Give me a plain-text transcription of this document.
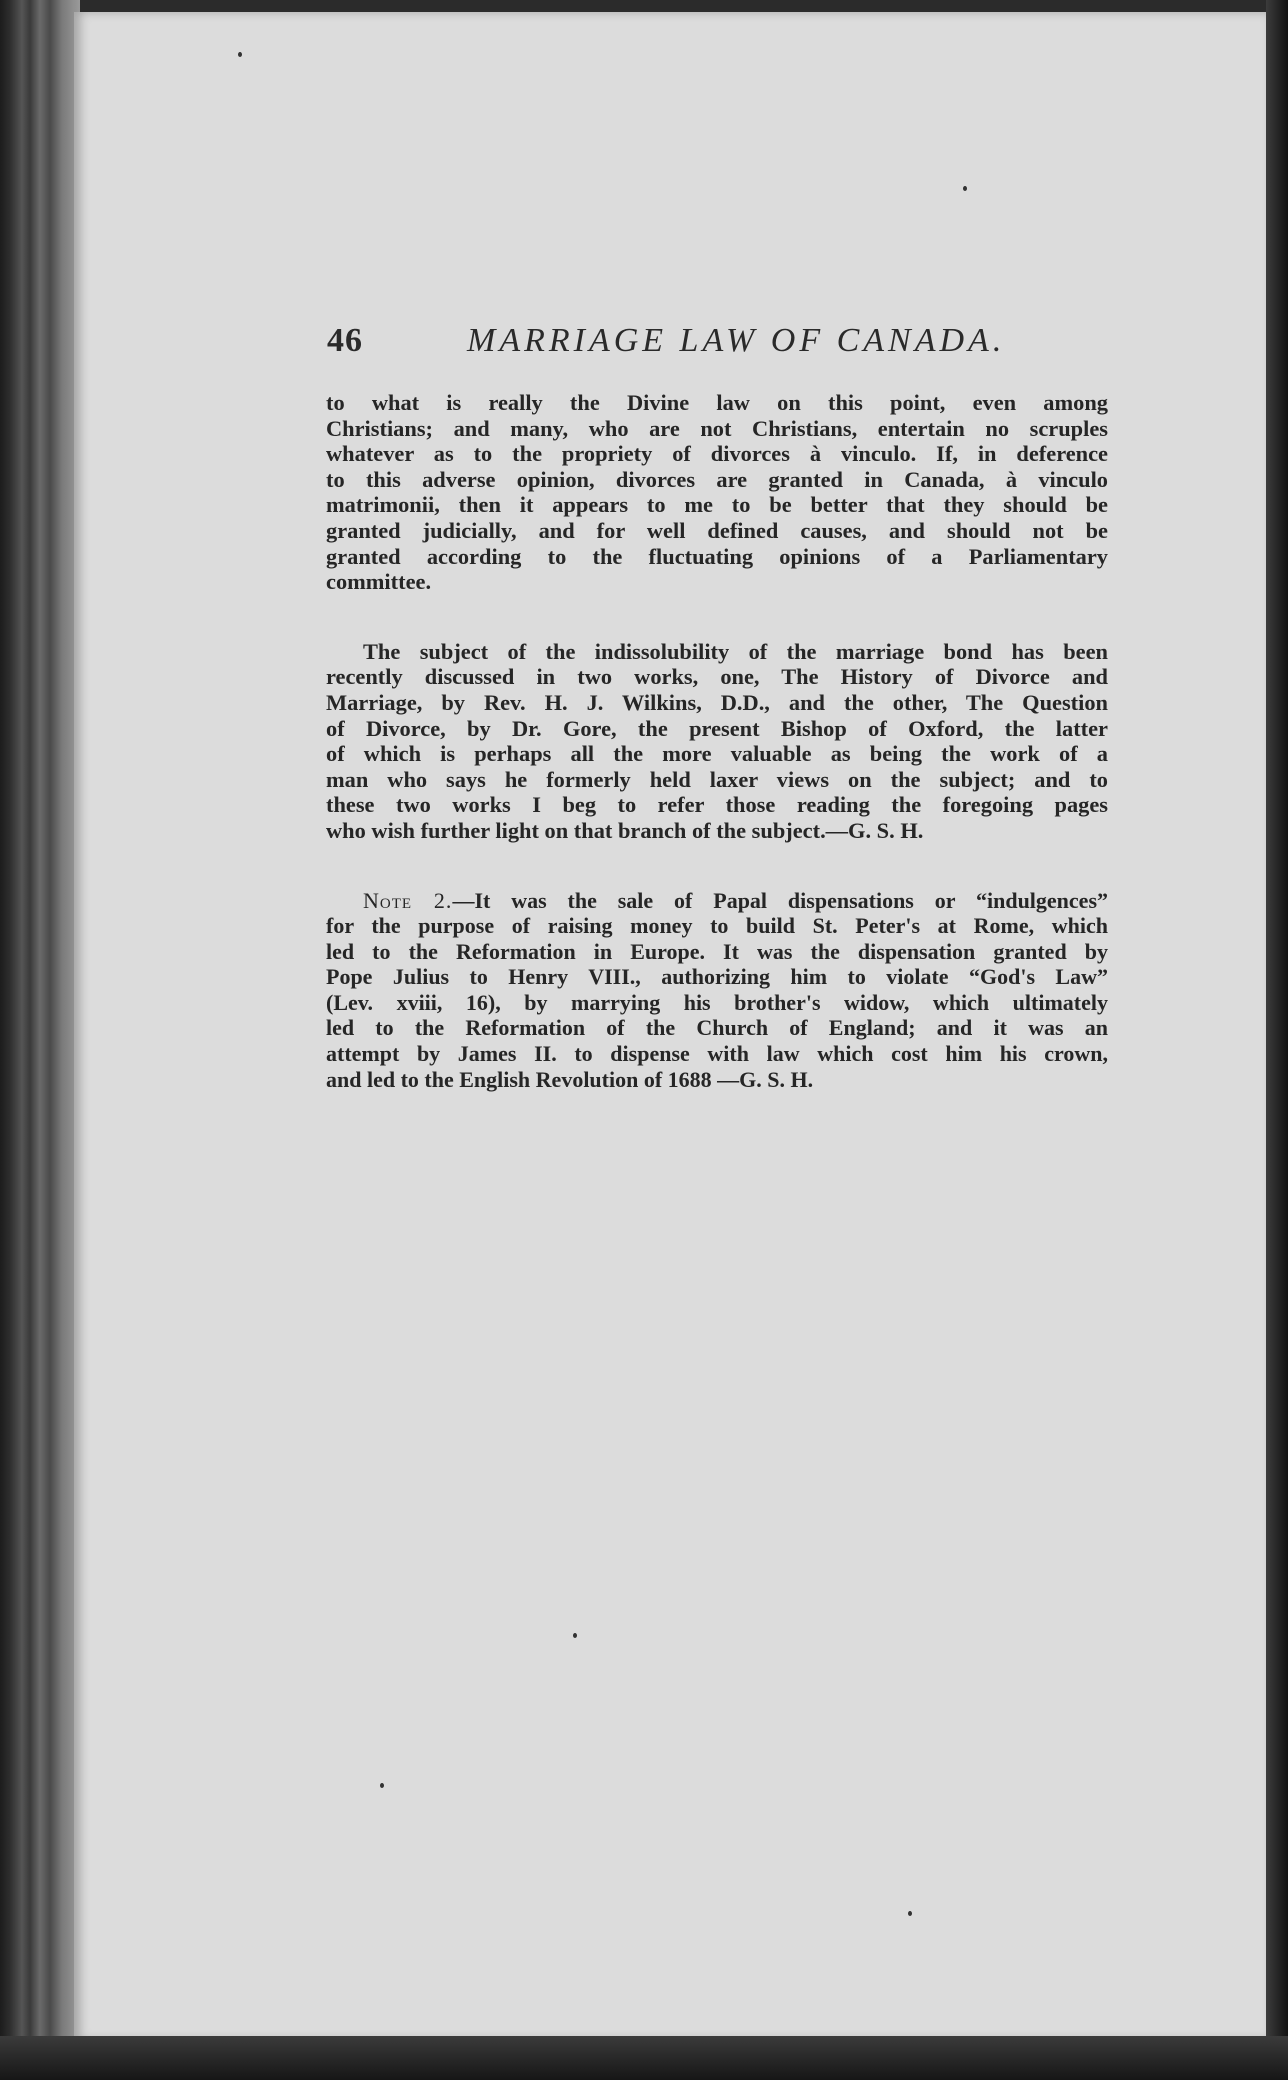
46	MARRIAGE LAW OF CANADA.
to what is really the Divine law on this point, even among
Christians; and many, who are not Christians, entertain no scruples
whatever as to the propriety of divorces à vinculo. If, in deference
to this adverse opinion, divorces are granted in Canada, à vinculo
matrimonii, then it appears to me to be better that they should be
granted judicially, and for well defined causes, and should not be
granted according to the fluctuating opinions of a Parliamentary
committee.
The subject of the indissolubility of the marriage bond has been
recently discussed in two works, one, The History of Divorce and
Marriage, by Rev. H. J. Wilkins, D.D., and the other, The Question
of Divorce, by Dr. Gore, the present Bishop of Oxford, the latter
of which is perhaps all the more valuable as being the work of a
man who says he formerly held laxer views on the subject; and to
these two works I beg to refer those reading the foregoing pages
who wish further light on that branch of the subject.—G. S. H.
Note 2.—It was the sale of Papal dispensations or “indulgences”
for the purpose of raising money to build St. Peter's at Rome, which
led to the Reformation in Europe. It was the dispensation granted by
Pope Julius to Henry VIII., authorizing him to violate “God's Law”
(Lev. xviii, 16), by marrying his brother's widow, which ultimately
led to the Reformation of the Church of England; and it was an
attempt by James II. to dispense with law which cost him his crown,
and led to the English Revolution of 1688 —G. S. H.
